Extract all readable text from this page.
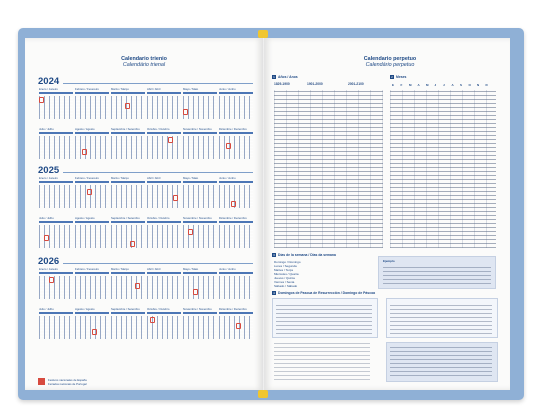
Calendario trienio
Calendário trienal
2024
2025
2026
Enero / Janeiro	Febrero / Fevereiro	Marzo / Março	Abril / Abril	Mayo / Maio	Junio / Junho
Julio / Julho	Agosto / Agosto	Septiembre / Setembro	Octubre / Outubro	Noviembre / Novembro	Diciembre / Dezembro
Enero / Janeiro	Febrero / Fevereiro	Marzo / Março	Abril / Abril	Mayo / Maio	Junio / Junho
Julio / Julho	Agosto / Agosto	Septiembre / Setembro	Octubre / Outubro	Noviembre / Novembro	Diciembre / Dezembro
Enero / Janeiro	Febrero / Fevereiro	Marzo / Março	Abril / Abril	Mayo / Maio	Junio / Junho
Julio / Julho	Agosto / Agosto	Septiembre / Setembro	Octubre / Outubro	Noviembre / Novembro	Diciembre / Dezembro
Festivos nacionales de España
Feriados nacionais de Portugal
Calendario perpetuo
Calendário perpetuo
1 Años / Anos
1829-1900	1901-2000	2001-2100
2 Meses
E F M A M J J A S O N D
3 Días de la semana / Dias da semana
Domingo / Domingo
Lunes / Segunda
Martes / Terça
Miércoles / Quarta
Jueves / Quinta
Viernes / Sexta
Sábado / Sábado
Ejemplo
4 Domingos de Pascua de Resurrección / Domingo de Páscoa
